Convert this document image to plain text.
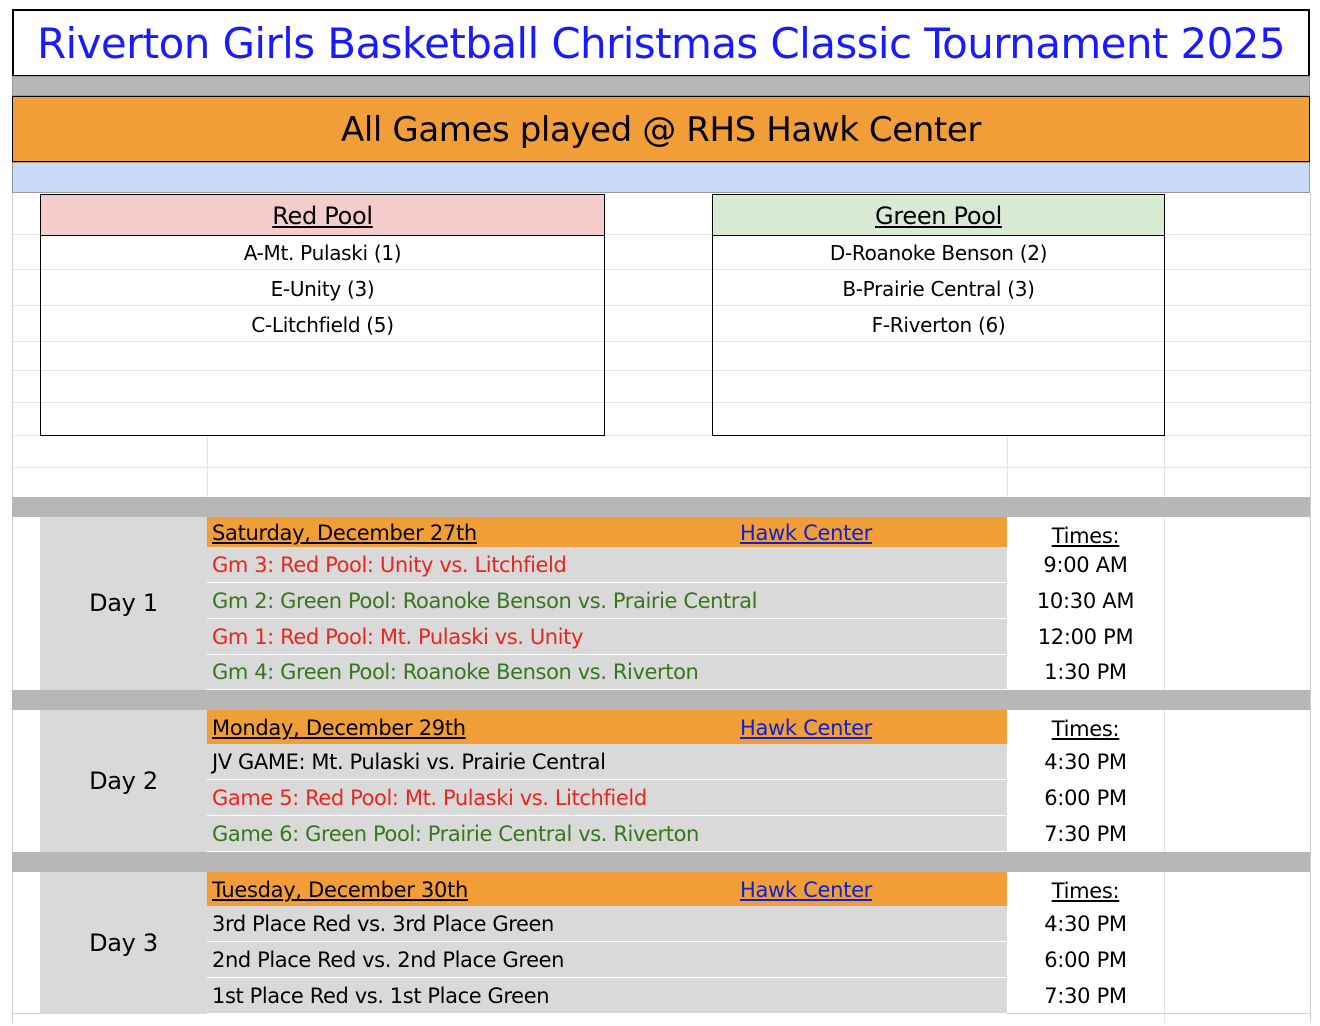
Riverton Girls Basketball Christmas Classic Tournament 2025
All Games played @ RHS Hawk Center
Red Pool
A-Mt. Pulaski (1)
E-Unity (3)
C-Litchfield (5)
Green Pool
D-Roanoke Benson (2)
B-Prairie Central (3)
F-Riverton (6)
Day 1
Saturday, December 27th	Hawk Center	Times:
Gm 3: Red Pool: Unity vs. Litchfield	9:00 AM
Gm 2: Green Pool: Roanoke Benson vs. Prairie Central	10:30 AM
Gm 1: Red Pool: Mt. Pulaski vs. Unity	12:00 PM
Gm 4: Green Pool: Roanoke Benson vs. Riverton	1:30 PM
Day 2
Monday, December 29th	Hawk Center	Times:
JV GAME: Mt. Pulaski vs. Prairie Central	4:30 PM
Game 5: Red Pool: Mt. Pulaski vs. Litchfield	6:00 PM
Game 6: Green Pool: Prairie Central vs. Riverton	7:30 PM
Day 3
Tuesday, December 30th	Hawk Center	Times:
3rd Place Red vs. 3rd Place Green	4:30 PM
2nd Place Red vs. 2nd Place Green	6:00 PM
1st Place Red vs. 1st Place Green	7:30 PM
